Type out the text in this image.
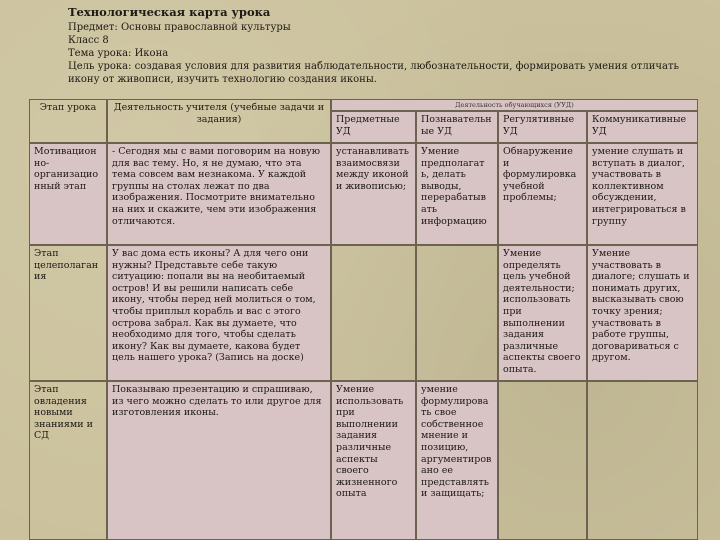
Технологическая карта урока
Предмет: Основы православной культуры
Класс 8
Тема урока: Икона
Цель урока: создавая условия для развития наблюдательности, любознательности, формировать умения отличать икону от живописи, изучить технологию создания иконы.
Этап урока	Деятельность учителя (учебные задачи и задания)
Деятельность обучающихся (УУД)
Предметные УД
Познавательн ые УД
Регулятивные УД
Коммуникативные УД
Мотивацион но-организацио нный этап
- Сегодня мы с вами поговорим на новую для вас тему. Но, я не думаю, что эта тема совсем вам незнакома. У каждой группы на столах лежат по два изображения. Посмотрите внимательно на них и скажите, чем эти изображения отличаются.
устанавливать взаимосвязи между иконой и живописью;
Умение предполагат ь, делать выводы, перерабатыв ать информацию
Обнаружение и формулировка учебной проблемы;
умение слушать и вступать в диалог, участвовать в коллективном обсуждении, интегрироваться в группу
Этап целеполаган ия
У вас дома есть иконы? А для чего они нужны? Представьте себе такую ситуацию: попали вы на необитаемый остров! И вы решили написать себе икону, чтобы перед ней молиться о том, чтобы приплыл корабль и вас с этого острова забрал. Как вы думаете, что необходимо для того, чтобы сделать икону? Как вы думаете, какова будет цель нашего урока? (Запись на доске)
Умение определять цель учебной деятельности; использовать при выполнении задания различные аспекты своего опыта.
Умение участвовать в диалоге; слушать и понимать других, высказывать свою точку зрения; участвовать в работе группы, договариваться с другом.
Этап овладения новыми знаниями и СД
Показываю презентацию и спрашиваю, из чего можно сделать то или другое для изготовления иконы.
Умение использовать при выполнении задания различные аспекты своего жизненного опыта
умение формулирова ть свое собственное мнение и позицию, аргументиров ано ее представлять и защищать;
